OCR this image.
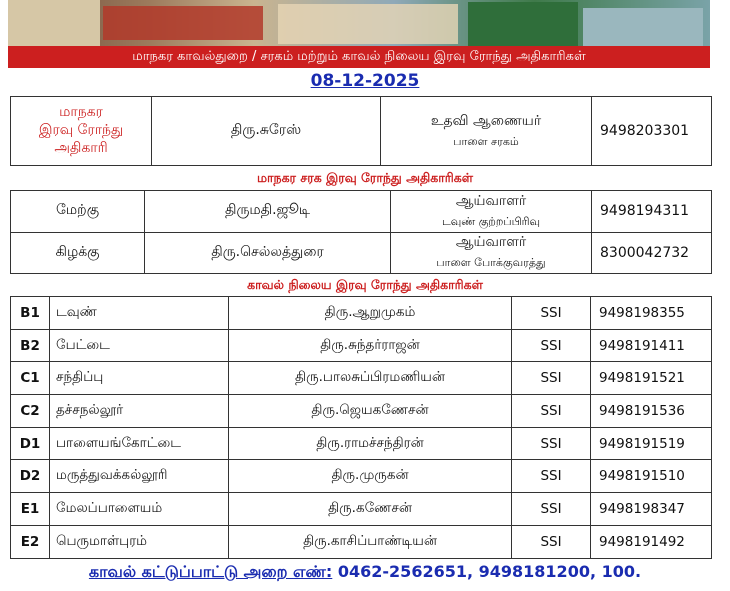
மாநகர காவல்துறை / சரகம் மற்றும் காவல் நிலைய இரவு ரோந்து அதிகாரிகள்
08-12-2025
மாநகர
இரவு ரோந்து
அதிகாரி
	திரு.சுரேஸ்	உதவி ஆணையர்
பாளை சரகம்
	9498203301
மாநகர சரக இரவு ரோந்து அதிகாரிகள்
மேற்கு	திருமதி.ஜூடி	ஆய்வாளர்
டவுண் குற்றப்பிரிவு	9498194311
கிழக்கு	திரு.செல்லத்துரை	ஆய்வாளர்
பாளை போக்குவரத்து	8300042732
காவல் நிலைய இரவு ரோந்து அதிகாரிகள்
B1	டவுண்	திரு.ஆறுமுகம்	SSI	9498198355
B2	பேட்டை	திரு.சுந்தர்ராஜன்	SSI	9498191411
C1	சந்திப்பு	திரு.பாலசுப்பிரமணியன்	SSI	9498191521
C2	தச்சநல்லூர்	திரு.ஜெயகணேசன்	SSI	9498191536
D1	பாளையங்கோட்டை	திரு.ராமச்சந்திரன்	SSI	9498191519
D2	மருத்துவக்கல்லூரி	திரு.முருகன்	SSI	9498191510
E1	மேலப்பாளையம்	திரு.கணேசன்	SSI	9498198347
E2	பெருமாள்புரம்	திரு.காசிப்பாண்டியன்	SSI	9498191492
காவல் கட்டுப்பாட்டு அறை எண்: 0462-2562651, 9498181200, 100.
